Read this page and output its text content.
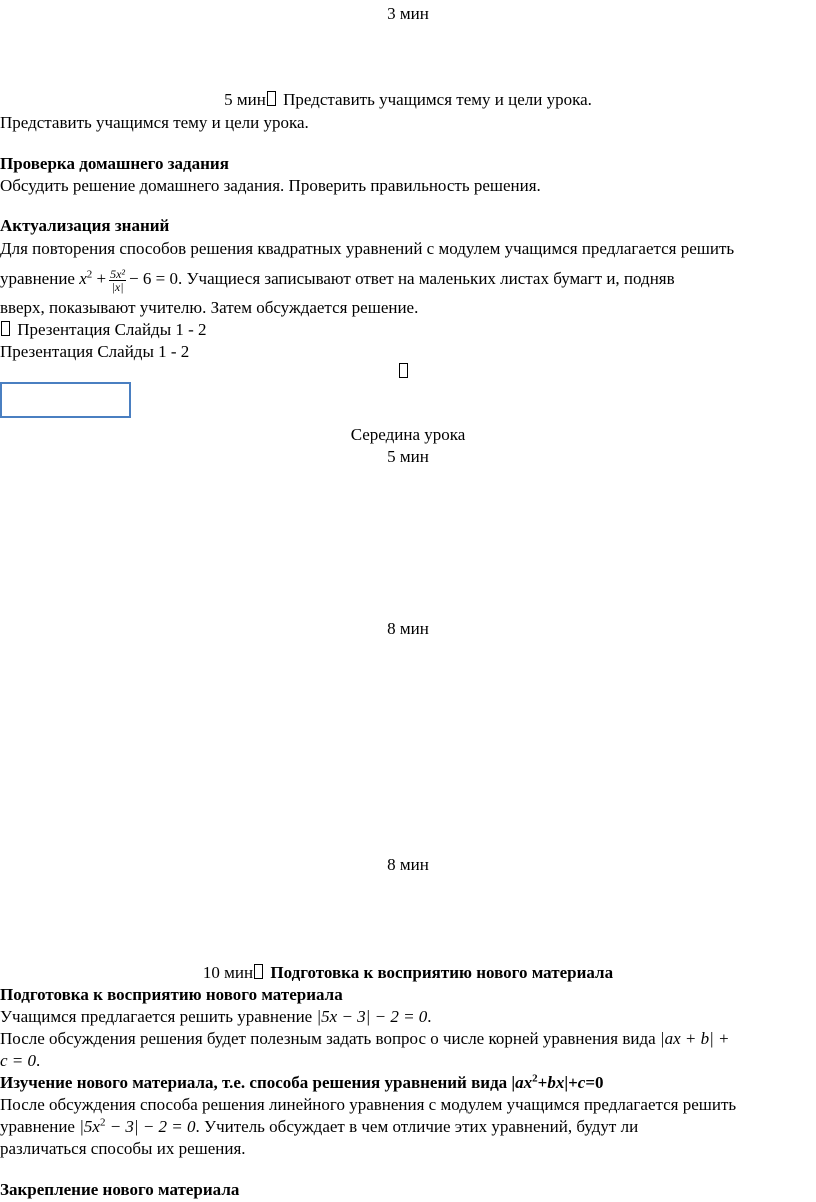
3 мин
5 мин Представить учащимся тему и цели урока.
Представить учащимся тему и цели урока.
Проверка домашнего задания
Обсудить решение домашнего задания. Проверить правильность решения.
Актуализация знаний
Для повторения способов решения квадратных уравнений с модулем учащимся предлагается решить
уравнение $x^2 + \frac{\text{5x²}}{|x|} - 6 = 0$. Учащиеся записывают ответ на маленьких листах бумагт и, подняв
вверх, показывают учителю. Затем обсуждается решение.
Презентация Слайды 1 - 2
Презентация Слайды 1 - 2
Середина урока
5 мин
8 мин
8 мин
10 мин Подготовка к восприятию нового материала
Подготовка к восприятию нового материала
Учащимся предлагается решить уравнение |5x − 3| − 2 = 0.
После обсуждения решения будет полезным задать вопрос о числе корней уравнения вида |ax + b| +
c = 0.
Изучение нового материала, т.е. способа решения уравнений вида $|ax^2+bx|+c=0$
После обсуждения способа решения линейного уравнения с модулем учащимся предлагается решить
уравнение $|5x^2 - 3| - 2 = 0$. Учитель обсуждает в чем отличие этих уравнений, будут ли
различаться способы их решения.
Закрепление нового материала
